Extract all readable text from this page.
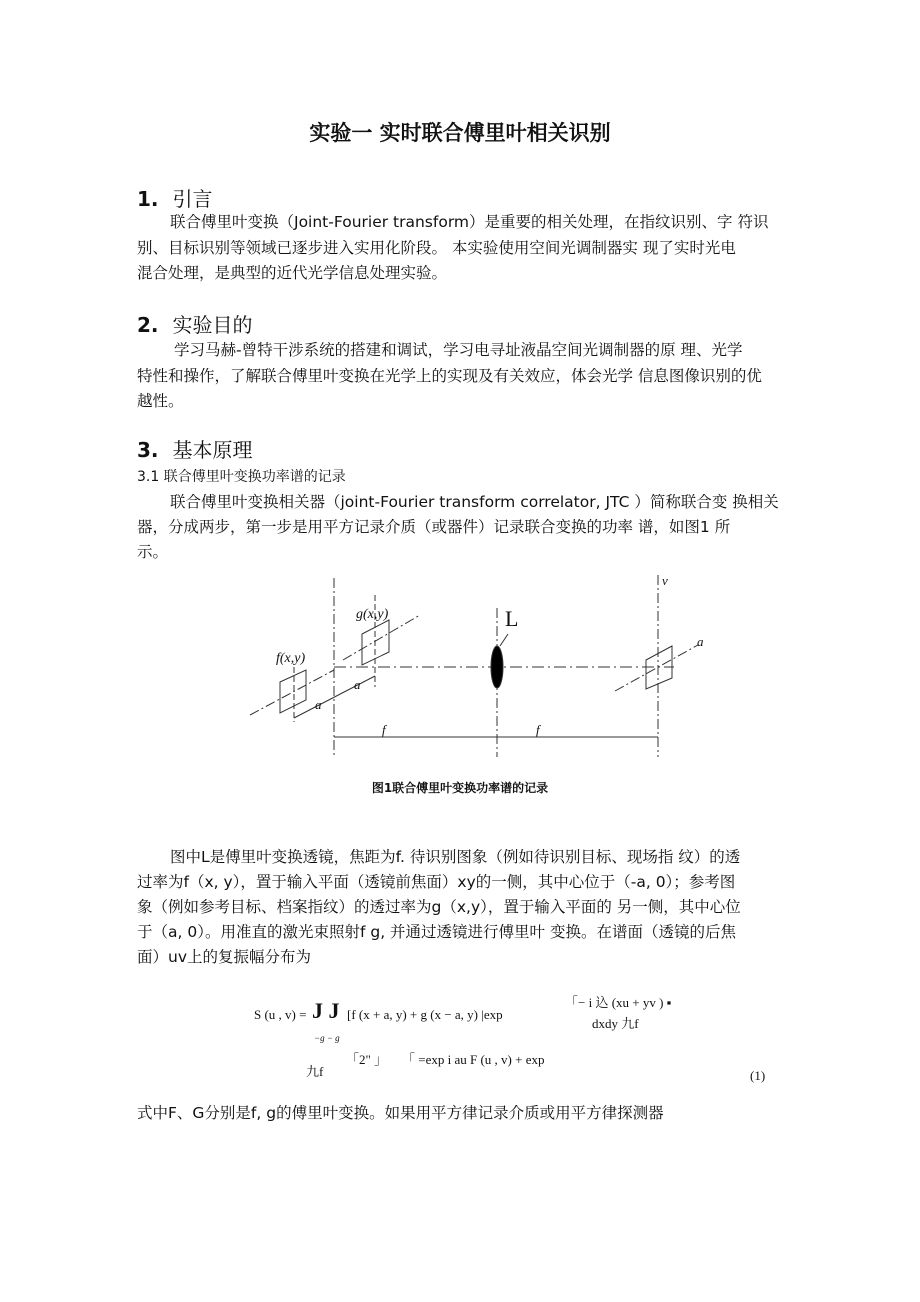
实验一 实时联合傅里叶相关识别
1. 引言
联合傅里叶变换（Joint-Fourier transform）是重要的相关处理，在指纹识别、字 符识
别、目标识别等领域已逐步进入实用化阶段。 本实验使用空间光调制器实 现了实时光电
混合处理，是典型的近代光学信息处理实验。
2. 实验目的
学习马赫-曾特干涉系统的搭建和调试，学习电寻址液晶空间光调制器的原 理、光学
特性和操作，了解联合傅里叶变换在光学上的实现及有关效应，体会光学 信息图像识别的优
越性。
3. 基本原理
3.1 联合傅里叶变换功率谱的记录
联合傅里叶变换相关器（joint-Fourier transform correlator, JTC ）简称联合变 换相关
器，分成两步，第一步是用平方记录介质（或器件）记录联合变换的功率 谱，如图1 所
示。
f(x,y)
g(x,y)	L
v
a
a
a
f	f
图1联合傅里叶变换功率谱的记录
图中L是傅里叶变换透镜，焦距为f. 待识别图象（例如待识别目标、现场指 纹）的透
过率为f（x, y），置于输入平面（透镜前焦面）xy的一侧，其中心位于（-a, 0）；参考图
象（例如参考目标、档案指纹）的透过率为g（x,y），置于输入平面的 另一侧，其中心位
于（a, 0）。用准直的激光束照射f g, 并通过透镜进行傅里叶 变换。在谱面（透镜的后焦
面）uv上的复振幅分布为
S (u , v) = J J [f (x + a, y) + g (x − a, y) |exp
「− i 込 (xu + yv ) ▪
dxdy 九f
−g − g
「2" 」 「 =exp i au F (u , v) + exp
九f	(1)
式中F、G分别是f, g的傅里叶变换。如果用平方律记录介质或用平方律探测器
